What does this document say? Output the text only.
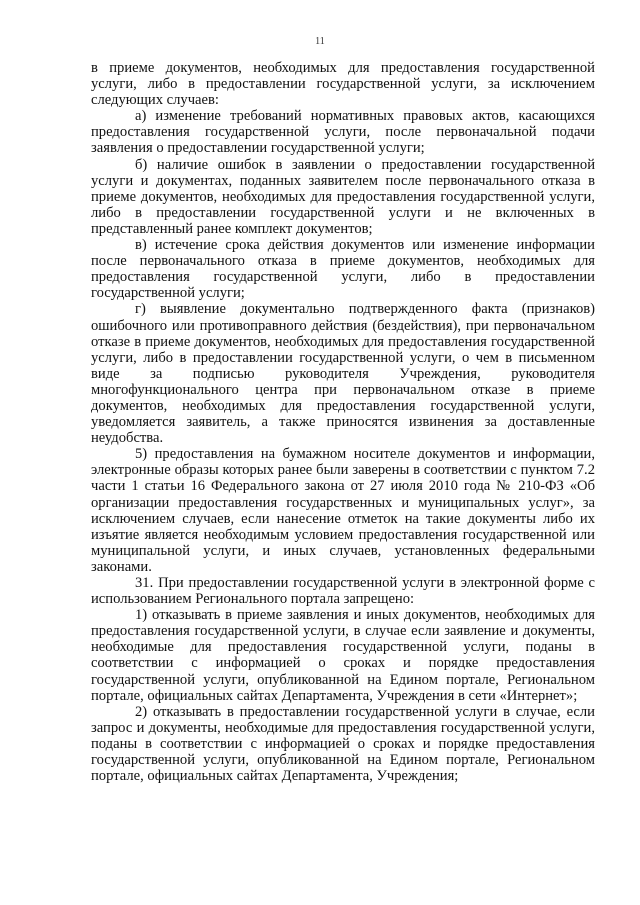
11

в приеме документов, необходимых для предоставления государственной услуги, либо в предоставлении государственной услуги, за исключением следующих случаев:

а) изменение требований нормативных правовых актов, касающихся предоставления государственной услуги, после первоначальной подачи заявления о предоставлении государственной услуги;

б) наличие ошибок в заявлении о предоставлении государственной услуги и документах, поданных заявителем после первоначального отказа в приеме документов, необходимых для предоставления государственной услуги, либо в предоставлении государственной услуги и не включенных в представленный ранее комплект документов;

в) истечение срока действия документов или изменение информации после первоначального отказа в приеме документов, необходимых для предоставления государственной услуги, либо в предоставлении государственной услуги;

г) выявление документально подтвержденного факта (признаков) ошибочного или противоправного действия (бездействия), при первоначальном отказе в приеме документов, необходимых для предоставления государственной услуги, либо в предоставлении государственной услуги, о чем в письменном виде за подписью руководителя Учреждения, руководителя многофункционального центра при первоначальном отказе в приеме документов, необходимых для предоставления государственной услуги, уведомляется заявитель, а также приносятся извинения за доставленные неудобства.

5) предоставления на бумажном носителе документов и информации, электронные образы которых ранее были заверены в соответствии с пунктом 7.2 части 1 статьи 16 Федерального закона от 27 июля 2010 года № 210-ФЗ «Об организации предоставления государственных и муниципальных услуг», за исключением случаев, если нанесение отметок на такие документы либо их изъятие является необходимым условием предоставления государственной или муниципальной услуги, и иных случаев, установленных федеральными законами.

31. При предоставлении государственной услуги в электронной форме с использованием Регионального портала запрещено:

1) отказывать в приеме заявления и иных документов, необходимых для предоставления государственной услуги, в случае если заявление и документы, необходимые для предоставления государственной услуги, поданы в соответствии с информацией о сроках и порядке предоставления государственной услуги, опубликованной на Едином портале, Региональном портале, официальных сайтах Департамента, Учреждения в сети «Интернет»;

2) отказывать в предоставлении государственной услуги в случае, если запрос и документы, необходимые для предоставления государственной услуги, поданы в соответствии с информацией о сроках и порядке предоставления государственной услуги, опубликованной на Едином портале, Региональном портале, официальных сайтах Департамента, Учреждения;
